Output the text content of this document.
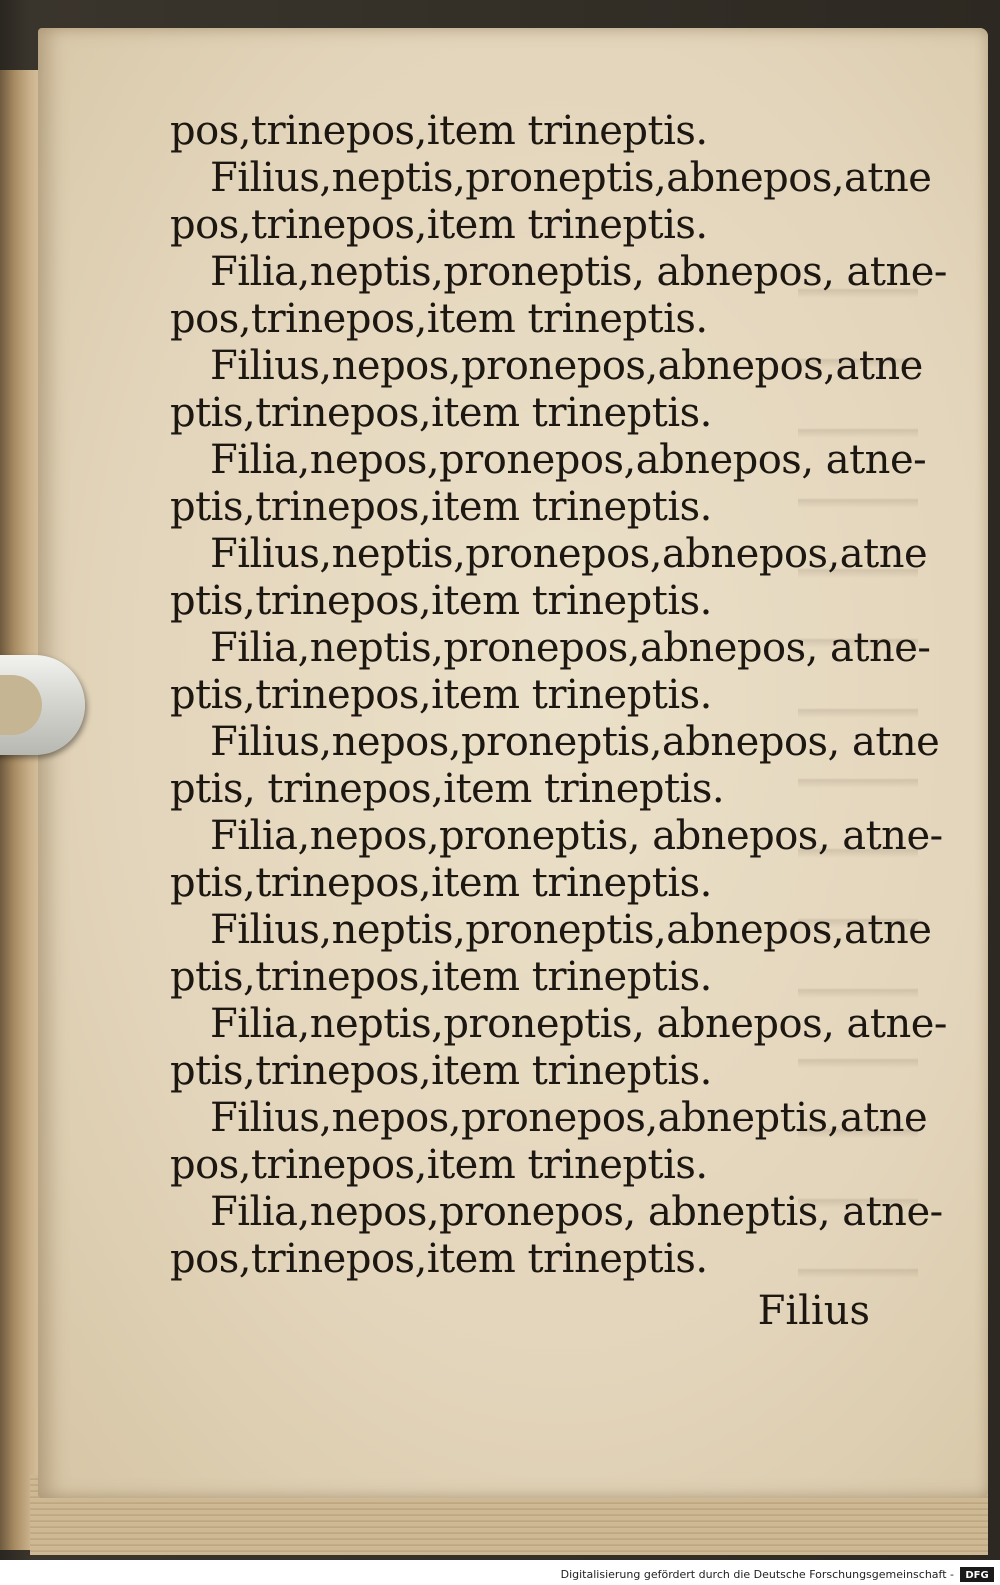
pos,trinepos,item trineptis.
Filius,neptis,proneptis,abnepos,atne
pos,trinepos,item trineptis.
Filia,neptis,proneptis, abnepos, atne-
pos,trinepos,item trineptis.
Filius,nepos,pronepos,abnepos,atne
ptis,trinepos,item trineptis.
Filia,nepos,pronepos,abnepos, atne-
ptis,trinepos,item trineptis.
Filius,neptis,pronepos,abnepos,atne
ptis,trinepos,item trineptis.
Filia,neptis,pronepos,abnepos, atne-
ptis,trinepos,item trineptis.
Filius,nepos,proneptis,abnepos, atne
ptis, trinepos,item trineptis.
Filia,nepos,proneptis, abnepos, atne-
ptis,trinepos,item trineptis.
Filius,neptis,proneptis,abnepos,atne
ptis,trinepos,item trineptis.
Filia,neptis,proneptis, abnepos, atne-
ptis,trinepos,item trineptis.
Filius,nepos,pronepos,abneptis,atne
pos,trinepos,item trineptis.
Filia,nepos,pronepos, abneptis, atne-
pos,trinepos,item trineptis.
Filius
Digitalisierung gefördert durch die Deutsche Forschungsgemeinschaft -	DFG
